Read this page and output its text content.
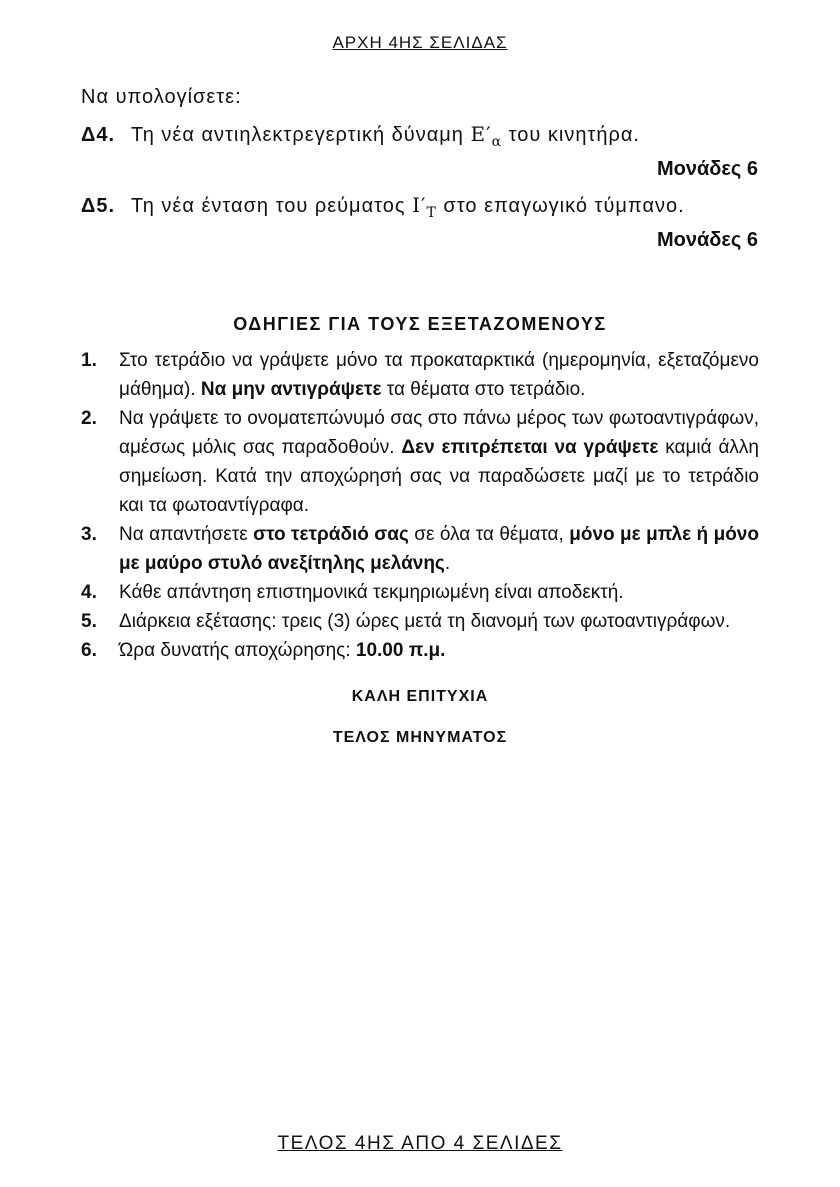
ΑΡΧΗ 4ΗΣ ΣΕΛΙΔΑΣ
Να υπολογίσετε:
Δ4. Τη νέα αντιηλεκτρεγερτική δύναμη $E'_\alpha$ του κινητήρα.
Μονάδες 6
Δ5. Τη νέα ένταση του ρεύματος $I'_T$ στο επαγωγικό τύμπανο.
Μονάδες 6
ΟΔΗΓΙΕΣ ΓΙΑ ΤΟΥΣ ΕΞΕΤΑΖΟΜΕΝΟΥΣ
1. Στο τετράδιο να γράψετε μόνο τα προκαταρκτικά (ημερομηνία, εξεταζόμενο μάθημα). Να μην αντιγράψετε τα θέματα στο τετράδιο.
2. Να γράψετε το ονοματεπώνυμό σας στο πάνω μέρος των φωτοαντιγράφων, αμέσως μόλις σας παραδοθούν. Δεν επιτρέπεται να γράψετε καμιά άλλη σημείωση. Κατά την αποχώρησή σας να παραδώσετε μαζί με το τετράδιο και τα φωτοαντίγραφα.
3. Να απαντήσετε στο τετράδιό σας σε όλα τα θέματα, μόνο με μπλε ή μόνο με μαύρο στυλό ανεξίτηλης μελάνης.
4. Κάθε απάντηση επιστημονικά τεκμηριωμένη είναι αποδεκτή.
5. Διάρκεια εξέτασης: τρεις (3) ώρες μετά τη διανομή των φωτοαντιγράφων.
6. Ώρα δυνατής αποχώρησης: 10.00 π.μ.
ΚΑΛΗ ΕΠΙΤΥΧΙΑ
ΤΕΛΟΣ ΜΗΝΥΜΑΤΟΣ
ΤΕΛΟΣ 4ΗΣ ΑΠΟ 4 ΣΕΛΙΔΕΣ
